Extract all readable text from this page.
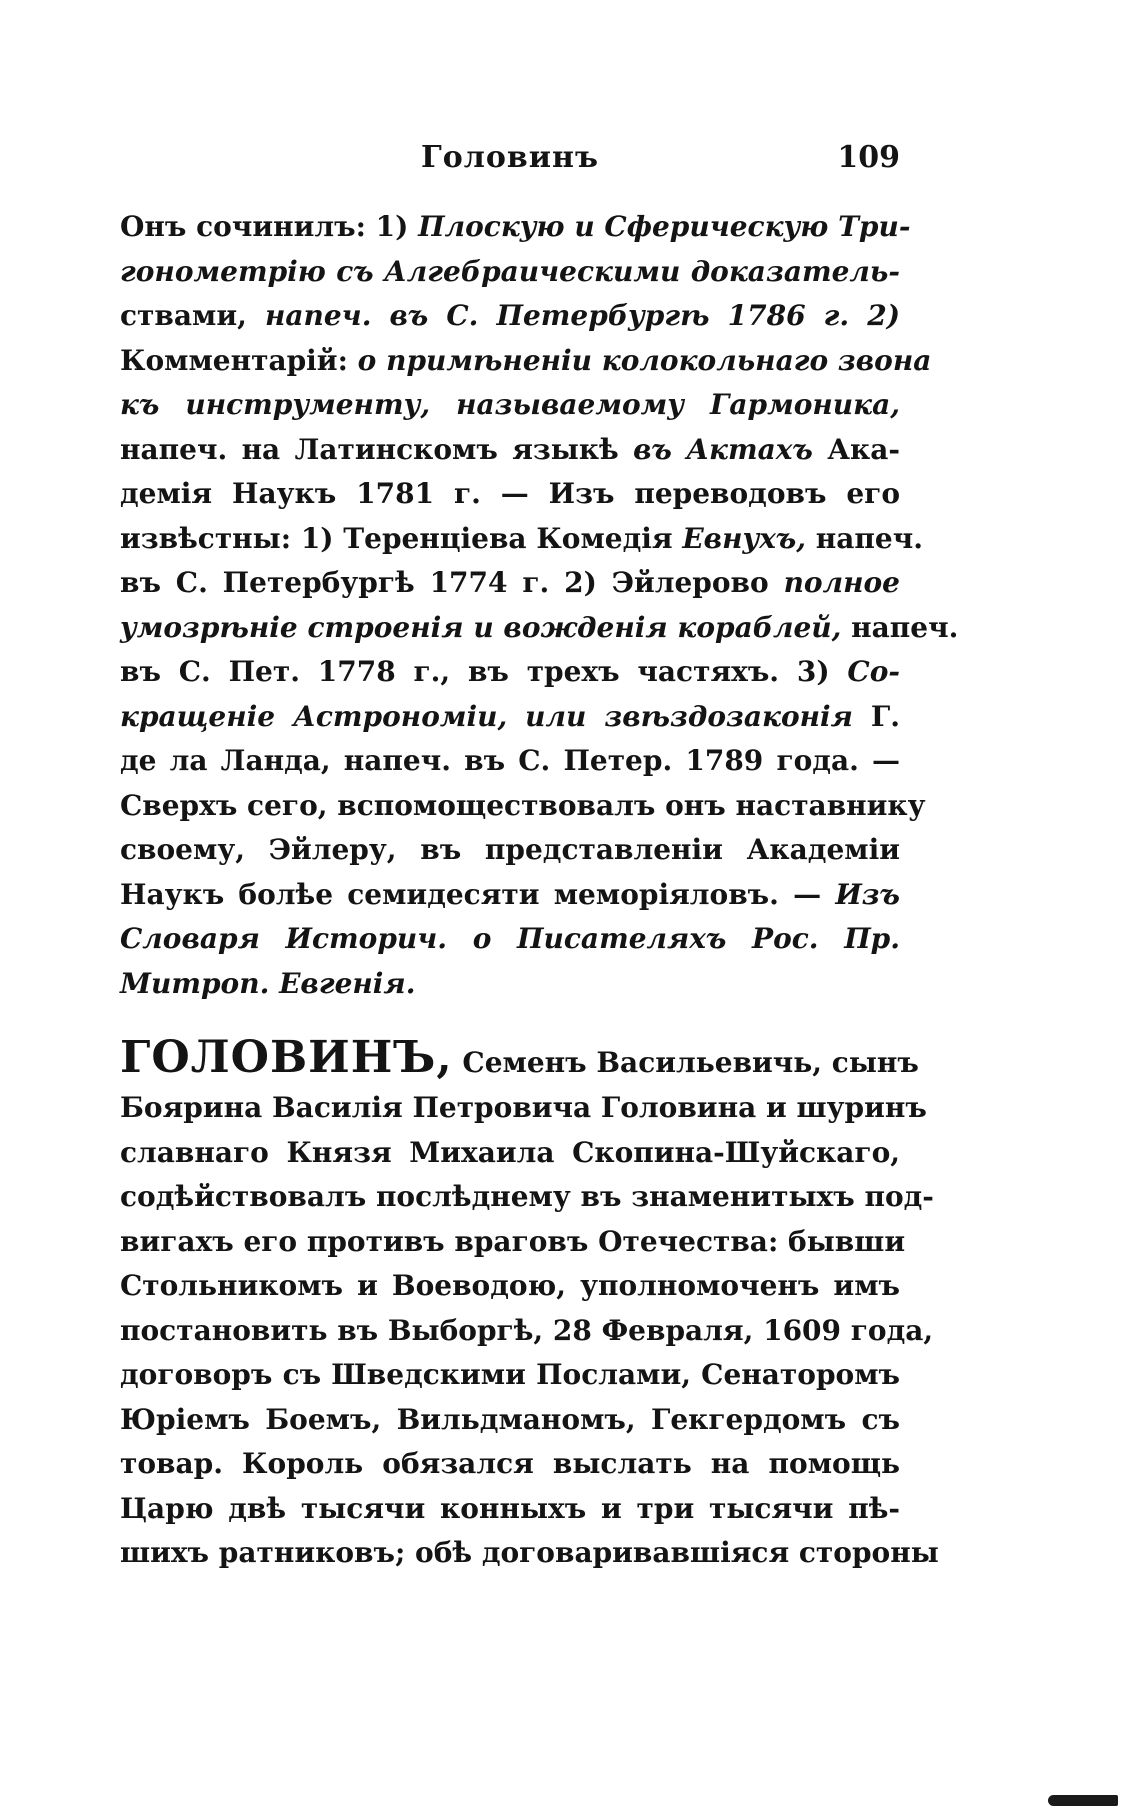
Головинъ	109
Онъ сочинилъ: 1) Плоскую и Сферическую Три-
гонометрію съ Алгебраическими доказатель-
ствами, напеч. въ С. Петербургѣ 1786 г. 2)
Комментарій: о примѣненіи колокольнаго звона
къ инструменту, называемому Гармоника,
напеч. на Латинскомъ языкѣ въ Актахъ Ака-
демія Наукъ 1781 г. — Изъ переводовъ его
извѣстны: 1) Теренціева Комедія Евнухъ, напеч.
въ С. Петербургѣ 1774 г. 2) Эйлерово полное
умозрѣніе строенія и вожденія кораблей, напеч.
въ С. Пет. 1778 г., въ трехъ частяхъ. 3) Со-
кращеніе Астрономіи, или звѣздозаконія Г.
де ла Ланда, напеч. въ С. Петер. 1789 года. —
Сверхъ сего, вспомоществовалъ онъ наставнику
своему, Эйлеру, въ представленіи Академіи
Наукъ болѣе семидесяти меморіяловъ. — Изъ
Словаря Историч. о Писателяхъ Рос. Пр.
Митроп. Евгенія.
ГОЛОВИНЪ, Семенъ Васильевичь, сынъ
Боярина Василія Петровича Головина и шуринъ
славнаго Князя Михаила Скопина-Шуйскаго,
содѣйствовалъ послѣднему въ знаменитыхъ под-
вигахъ его противъ враговъ Отечества: бывши
Стольникомъ и Воеводою, уполномоченъ имъ
постановить въ Выборгѣ, 28 Февраля, 1609 года,
договоръ съ Шведскими Послами, Сенаторомъ
Юріемъ Боемъ, Вильдманомъ, Гекгердомъ съ
товар. Король обязался выслать на помощь
Царю двѣ тысячи конныхъ и три тысячи пѣ-
шихъ ратниковъ; обѣ договаривавшіяся стороны
